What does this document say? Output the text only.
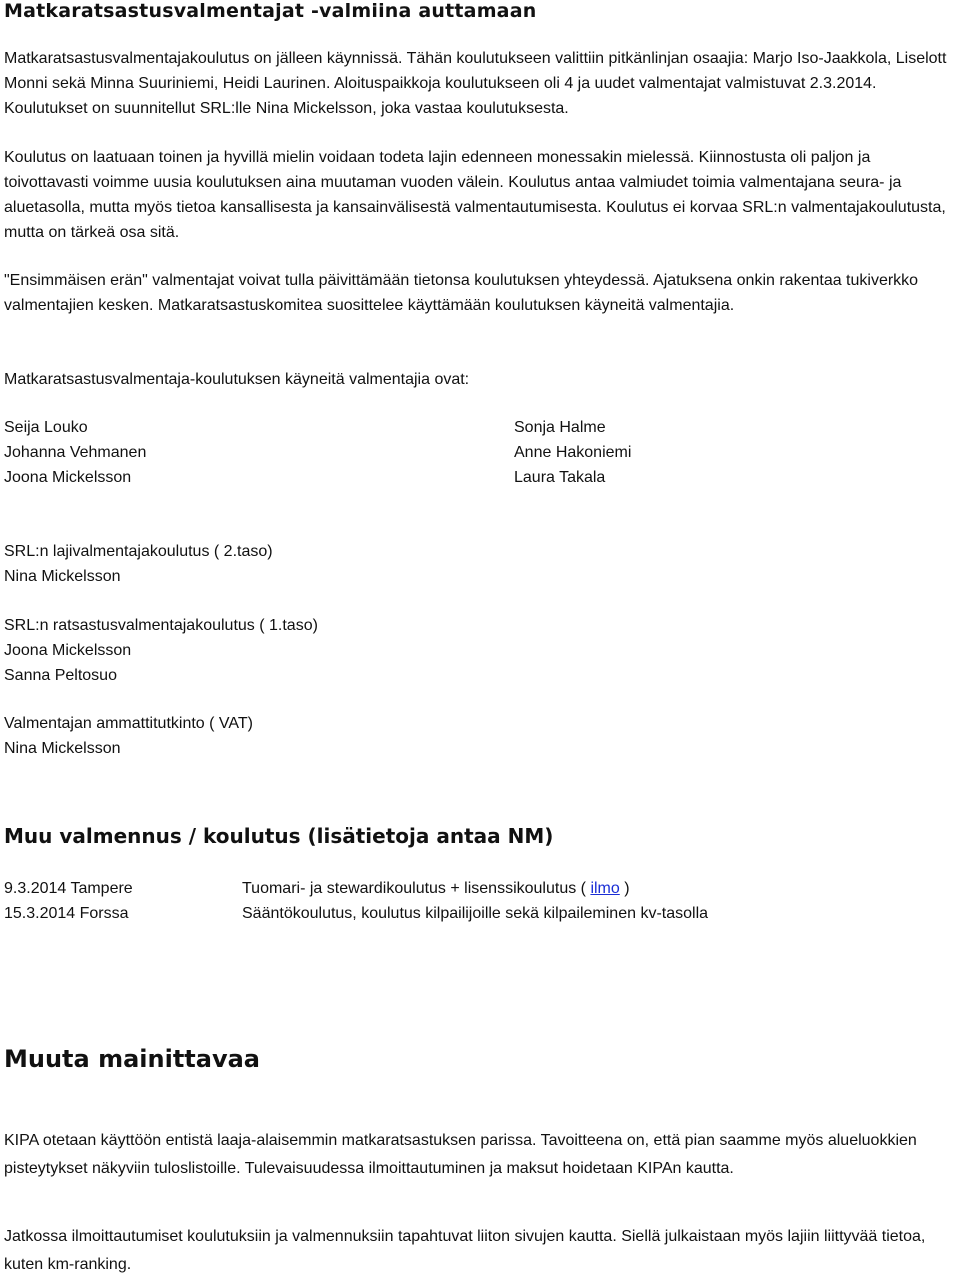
Matkaratsastusvalmentajat -valmiina auttamaan

Matkaratsastusvalmentajakoulutus on jälleen käynnissä. Tähän koulutukseen valittiin pitkänlinjan osaajia: Marjo Iso-Jaakkola, Liselott Monni sekä Minna Suuriniemi, Heidi Laurinen. Aloituspaikkoja koulutukseen oli 4 ja uudet valmentajat valmistuvat 2.3.2014. Koulutukset on suunnitellut SRL:lle Nina Mickelsson, joka vastaa koulutuksesta.

Koulutus on laatuaan toinen ja hyvillä mielin voidaan todeta lajin edenneen monessakin mielessä. Kiinnostusta oli paljon ja toivottavasti voimme uusia koulutuksen aina muutaman vuoden välein. Koulutus antaa valmiudet toimia valmentajana seura- ja aluetasolla, mutta myös tietoa kansallisesta ja kansainvälisestä valmentautumisesta. Koulutus ei korvaa SRL:n valmentajakoulutusta, mutta on tärkeä osa sitä.

"Ensimmäisen erän" valmentajat voivat tulla päivittämään tietonsa koulutuksen yhteydessä. Ajatuksena onkin rakentaa tukiverkko valmentajien kesken. Matkaratsastuskomitea suosittelee käyttämään koulutuksen käyneitä valmentajia.

Matkaratsastusvalmentaja-koulutuksen käyneitä valmentajia ovat:

Seija Louko

Johanna Vehmanen

Joona Mickelsson

Sonja Halme

Anne Hakoniemi

Laura Takala

SRL:n lajivalmentajakoulutus ( 2.taso)

Nina Mickelsson

SRL:n ratsastusvalmentajakoulutus ( 1.taso)

Joona Mickelsson

Sanna Peltosuo

Valmentajan ammattitutkinto ( VAT)

Nina Mickelsson

Muu valmennus / koulutus (lisätietoja antaa NM)

9.3.2014 Tampere	Tuomari- ja stewardikoulutus + lisenssikoulutus ( ilmo )

15.3.2014 Forssa	Sääntökoulutus, koulutus kilpailijoille sekä kilpaileminen kv-tasolla

Muuta mainittavaa

KIPA otetaan käyttöön entistä laaja-alaisemmin matkaratsastuksen parissa. Tavoitteena on, että pian saamme myös alueluokkien pisteytykset näkyviin tuloslistoille. Tulevaisuudessa ilmoittautuminen ja maksut hoidetaan KIPAn kautta.

Jatkossa ilmoittautumiset koulutuksiin ja valmennuksiin tapahtuvat liiton sivujen kautta. Siellä julkaistaan myös lajiin liittyvää tietoa, kuten km-ranking.
